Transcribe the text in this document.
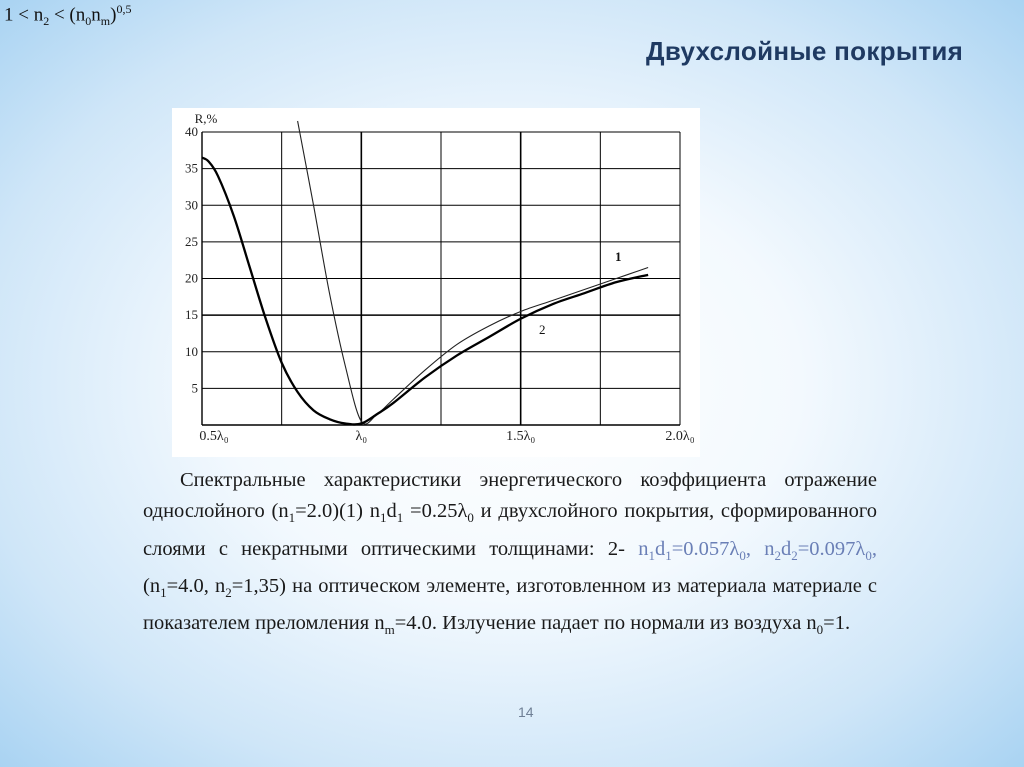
$1 < n_2 < (n_0n_m)^{0,5}$
Двухслойные покрытия
5
10
15
20
25
30
35
40
R,%
0.5λ₀	λ₀	1.5λ₀	2.0λ₀
1
2

Спектральные характеристики энергетического коэффициента отражение однослойного $(n_1=2.0)(1)$ $n_1d_1 =0.25\lambda_0$ и двухслойного покрытия, сформированного слоями с некратными оптическими толщинами: 2- $n_1d_1=0.057\lambda_0$, $n_2d_2=0.097\lambda_0$, ($n_1=4.0$, $n_2=1,35$) на оптическом элементе, изготовленном из материала материале с показателем преломления $n_m=4.0$. Излучение падает по нормали из воздуха $n_0=1$.

14
